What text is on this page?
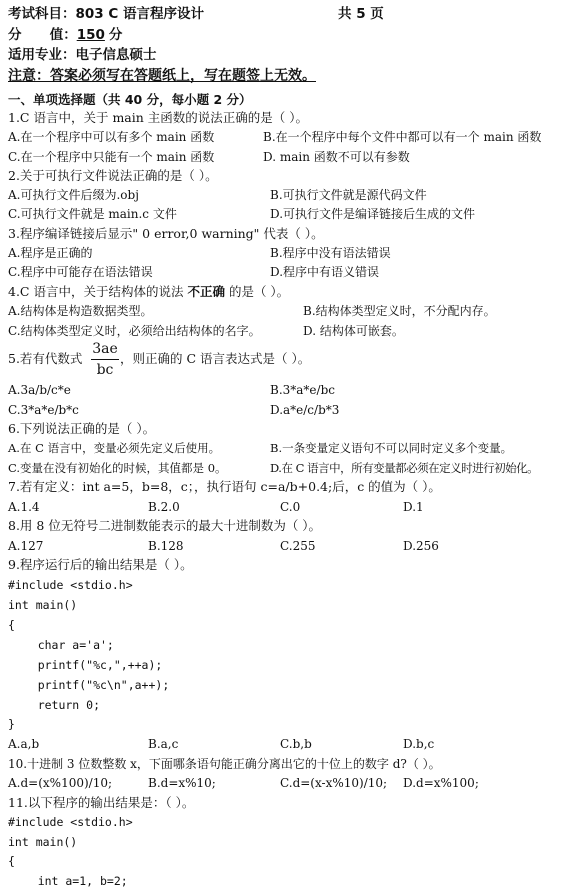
考试科目：803 C 语言程序设计	共 5 页
分      值：150 分
适用专业：电子信息硕士
注意：答案必须写在答题纸上，写在题签上无效。
一、单项选择题（共 40 分，每小题 2 分）
1.C 语言中，关于 main 主函数的说法正确的是（ ）。
A.在一个程序中可以有多个 main 函数	B.在一个程序中每个文件中都可以有一个 main 函数
C.在一个程序中只能有一个 main 函数	D. main 函数不可以有参数
2.关于可执行文件说法正确的是（ ）。
A.可执行文件后缀为.obj	B.可执行文件就是源代码文件
C.可执行文件就是 main.c 文件	D.可执行文件是编译链接后生成的文件
3.程序编译链接后显示" 0 error,0 warning" 代表（ ）。
A.程序是正确的	B.程序中没有语法错误
C.程序中可能存在语法错误	D.程序中有语义错误
4.C 语言中，关于结构体的说法 不正确 的是（ ）。
A.结构体是构造数据类型。	B.结构体类型定义时，不分配内存。
C.结构体类型定义时，必须给出结构体的名字。	D. 结构体可嵌套。
5.若有代数式
3ae
bc
，则正确的 C 语言表达式是（ ）。
A.3a/b/c*e	B.3*a*e/bc
C.3*a*e/b*c	D.a*e/c/b*3
6.下列说法正确的是（ ）。
A.在 C 语言中，变量必须先定义后使用。	B.一条变量定义语句不可以同时定义多个变量。
C.变量在没有初始化的时候，其值都是 0。	D.在 C 语言中，所有变量都必须在定义时进行初始化。
7.若有定义：int a=5，b=8，c；，执行语句 c=a/b+0.4;后，c 的值为（ ）。
A.1.4	B.2.0	C.0	D.1
8.用 8 位无符号二进制数能表示的最大十进制数为（ ）。
A.127	B.128	C.255	D.256
9.程序运行后的输出结果是（ ）。
#include <stdio.h>
int main()
{
char a='a';
printf("%c,",++a);
printf("%c\n",a++);
return 0;
}
A.a,b	B.a,c	C.b,b	D.b,c
10.十进制 3 位数整数 x，下面哪条语句能正确分离出它的十位上的数字 d?（ ）。
A.d=(x%100)/10;	B.d=x%10;	C.d=(x-x%10)/10; D.d=x%100;
11.以下程序的输出结果是：（ ）。
#include <stdio.h>
int main()
{
int a=1, b=2;
